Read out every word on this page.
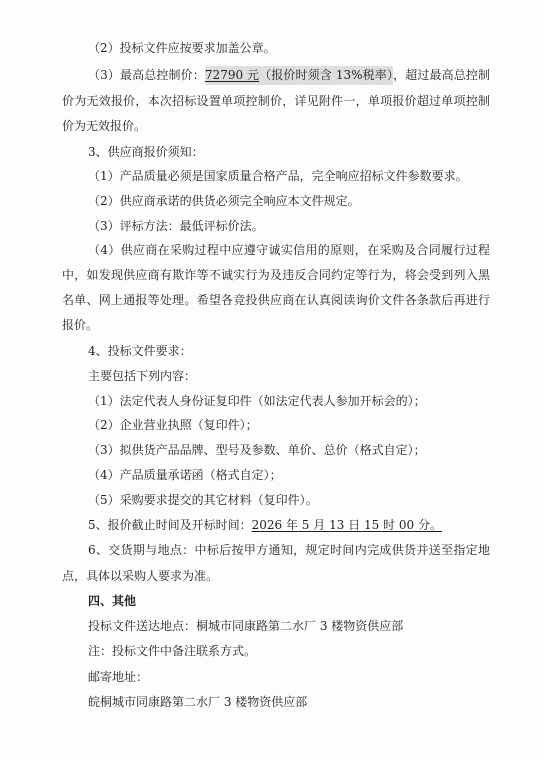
（2）投标文件应按要求加盖公章。
（3）最高总控制价：72790 元（报价时须含 13%税率），超过最高总控制
价为无效报价，本次招标设置单项控制价，详见附件一，单项报价超过单项控制
价为无效报价。
3、供应商报价须知：
（1）产品质量必须是国家质量合格产品，完全响应招标文件参数要求。
（2）供应商承诺的供货必须完全响应本文件规定。
（3）评标方法：最低评标价法。
（4）供应商在采购过程中应遵守诚实信用的原则，在采购及合同履行过程
中，如发现供应商有欺诈等不诚实行为及违反合同约定等行为，将会受到列入黑
名单、网上通报等处理。希望各竞投供应商在认真阅读询价文件各条款后再进行
报价。
4、投标文件要求：
主要包括下列内容：
（1）法定代表人身份证复印件（如法定代表人参加开标会的）；
（2）企业营业执照（复印件）；
（3）拟供货产品品牌、型号及参数、单价、总价（格式自定）；
（4）产品质量承诺函（格式自定）；
（5）采购要求提交的其它材料（复印件）。
5、报价截止时间及开标时间：2026 年 5 月 13 日 15 时 00 分。
6、交货期与地点：中标后按甲方通知，规定时间内完成供货并送至指定地
点，具体以采购人要求为准。
四、其他
投标文件送达地点：桐城市同康路第二水厂 3 楼物资供应部
注：投标文件中备注联系方式。
邮寄地址：
皖桐城市同康路第二水厂 3 楼物资供应部
